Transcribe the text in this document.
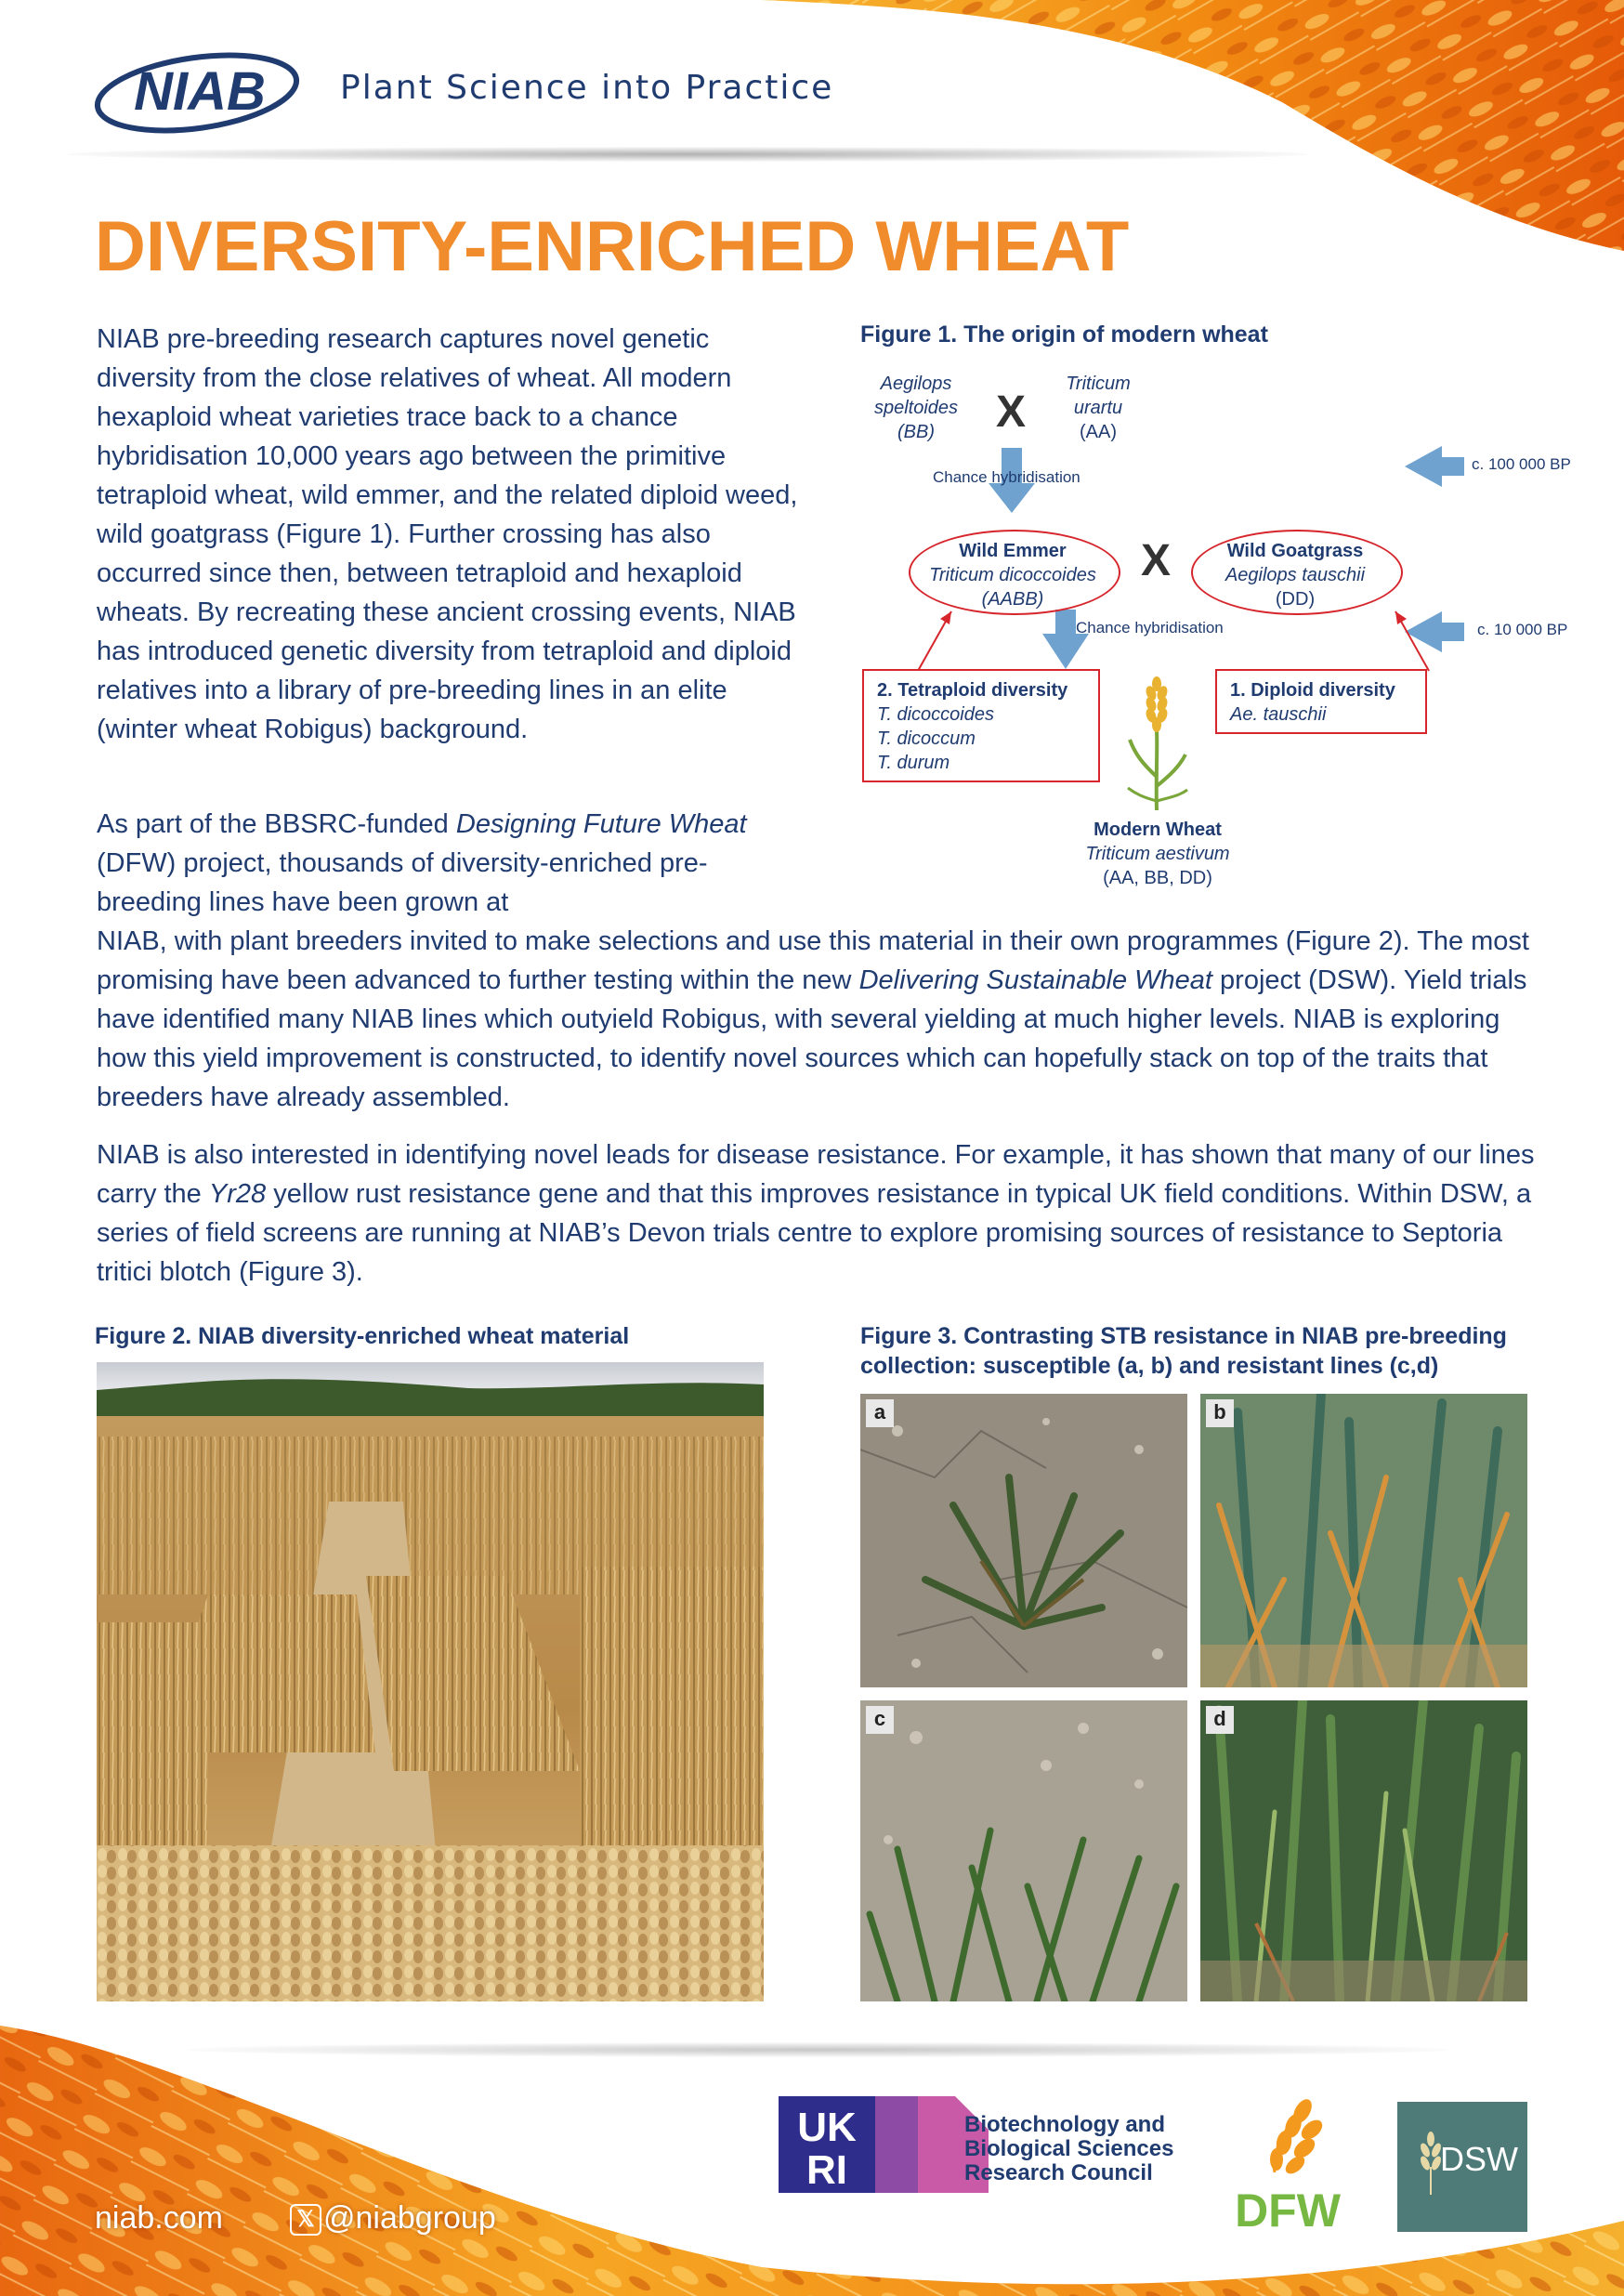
NIAB Plant Science into Practice
DIVERSITY-ENRICHED WHEAT

NIAB pre-breeding research captures novel genetic diversity from the close relatives of wheat. All modern hexaploid wheat varieties trace back to a chance hybridisation 10,000 years ago between the primitive tetraploid wheat, wild emmer, and the related diploid weed, wild goatgrass (Figure 1). Further crossing has also occurred since then, between tetraploid and hexaploid wheats. By recreating these ancient crossing events, NIAB has introduced genetic diversity from tetraploid and diploid relatives into a library of pre-breeding lines in an elite (winter wheat Robigus) background.

As part of the BBSRC-funded Designing Future Wheat (DFW) project, thousands of diversity-enriched pre-breeding lines have been grown at

NIAB, with plant breeders invited to make selections and use this material in their own programmes (Figure 2). The most promising have been advanced to further testing within the new Delivering Sustainable Wheat project (DSW). Yield trials have identified many NIAB lines which outyield Robigus, with several yielding at much higher levels. NIAB is exploring how this yield improvement is constructed, to identify novel sources which can hopefully stack on top of the traits that breeders have already assembled.

NIAB is also interested in identifying novel leads for disease resistance. For example, it has shown that many of our lines carry the Yr28 yellow rust resistance gene and that this improves resistance in typical UK field conditions. Within DSW, a series of field screens are running at NIAB’s Devon trials centre to explore promising sources of resistance to Septoria tritici blotch (Figure 3).

Figure 1. The origin of modern wheat
Aegilops
speltoides
(BB)	X
Triticum
urartu
(AA)
Chance hybridisation
c. 100 000 BP
Wild Emmer
Triticum dicoccoides
(AABB)
X	Wild Goatgrass
Aegilops tauschii
(DD)
Chance hybridisation	c. 10 000 BP
2. Tetraploid diversity
T. dicoccoides
T. dicoccum
T. durum
1. Diploid diversity
Ae. tauschii
Modern Wheat
Triticum aestivum
(AA, BB, DD)
Figure 2. NIAB diversity-enriched wheat material	Figure 3. Contrasting STB resistance in NIAB pre-breeding
collection: susceptible (a, b) and resistant lines (c,d)
a	b
c	d
UK
RI
Biotechnology and
Biological Sciences
Research Council
DFW
DSW
niab.com	𝕏 @niabgroup
